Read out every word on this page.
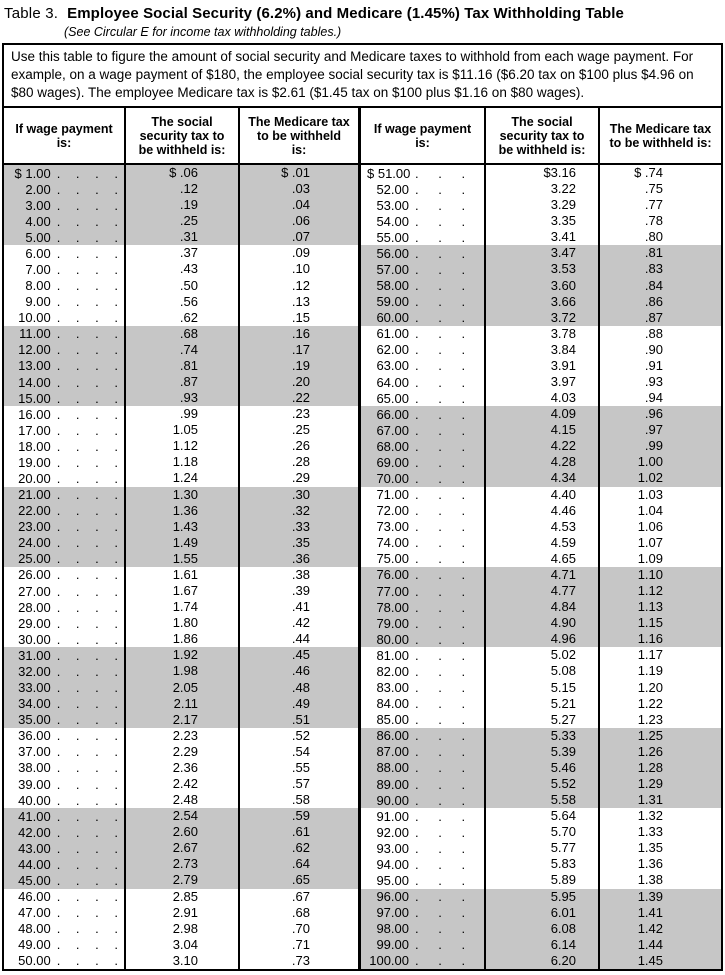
Table 3. Employee Social Security (6.2%) and Medicare (1.45%) Tax Withholding Table
(See Circular E for income tax withholding tables.)
Use this table to figure the amount of social security and Medicare taxes to withhold from each wage payment. For example, on a wage payment of $180, the employee social security tax is $11.16 ($6.20 tax on $100 plus $4.96 on $80 wages). The employee Medicare tax is $2.61 ($1.45 tax on $100 plus $1.16 on $80 wages).
If wage payment is:
The social security tax to be withheld is:
The Medicare tax to be withheld is:
If wage payment is:
The social security tax to be withheld is:
The Medicare tax to be withheld is:
$ 1.00 . . . .	$ .06	$ .01	$ 51.00 . . .	$3.16	$ .74
2.00 . . . .	.12	.03	52.00 . . .	3.22	.75
3.00 . . . .	.19	.04	53.00 . . .	3.29	.77
4.00 . . . .	.25	.06	54.00 . . .	3.35	.78
5.00 . . . .	.31	.07	55.00 . . .	3.41	.80
6.00 . . . .	.37	.09	56.00 . . .	3.47	.81
7.00 . . . .	.43	.10	57.00 . . .	3.53	.83
8.00 . . . .	.50	.12	58.00 . . .	3.60	.84
9.00 . . . .	.56	.13	59.00 . . .	3.66	.86
10.00 . . . .	.62	.15	60.00 . . .	3.72	.87
11.00 . . . .	.68	.16	61.00 . . .	3.78	.88
12.00 . . . .	.74	.17	62.00 . . .	3.84	.90
13.00 . . . .	.81	.19	63.00 . . .	3.91	.91
14.00 . . . .	.87	.20	64.00 . . .	3.97	.93
15.00 . . . .	.93	.22	65.00 . . .	4.03	.94
16.00 . . . .	.99	.23	66.00 . . .	4.09	.96
17.00 . . . .	1.05	.25	67.00 . . .	4.15	.97
18.00 . . . .	1.12	.26	68.00 . . .	4.22	.99
19.00 . . . .	1.18	.28	69.00 . . .	4.28	1.00
20.00 . . . .	1.24	.29	70.00 . . .	4.34	1.02
21.00 . . . .	1.30	.30	71.00 . . .	4.40	1.03
22.00 . . . .	1.36	.32	72.00 . . .	4.46	1.04
23.00 . . . .	1.43	.33	73.00 . . .	4.53	1.06
24.00 . . . .	1.49	.35	74.00 . . .	4.59	1.07
25.00 . . . .	1.55	.36	75.00 . . .	4.65	1.09
26.00 . . . .	1.61	.38	76.00 . . .	4.71	1.10
27.00 . . . .	1.67	.39	77.00 . . .	4.77	1.12
28.00 . . . .	1.74	.41	78.00 . . .	4.84	1.13
29.00 . . . .	1.80	.42	79.00 . . .	4.90	1.15
30.00 . . . .	1.86	.44	80.00 . . .	4.96	1.16
31.00 . . . .	1.92	.45	81.00 . . .	5.02	1.17
32.00 . . . .	1.98	.46	82.00 . . .	5.08	1.19
33.00 . . . .	2.05	.48	83.00 . . .	5.15	1.20
34.00 . . . .	2.11	.49	84.00 . . .	5.21	1.22
35.00 . . . .	2.17	.51	85.00 . . .	5.27	1.23
36.00 . . . .	2.23	.52	86.00 . . .	5.33	1.25
37.00 . . . .	2.29	.54	87.00 . . .	5.39	1.26
38.00 . . . .	2.36	.55	88.00 . . .	5.46	1.28
39.00 . . . .	2.42	.57	89.00 . . .	5.52	1.29
40.00 . . . .	2.48	.58	90.00 . . .	5.58	1.31
41.00 . . . .	2.54	.59	91.00 . . .	5.64	1.32
42.00 . . . .	2.60	.61	92.00 . . .	5.70	1.33
43.00 . . . .	2.67	.62	93.00 . . .	5.77	1.35
44.00 . . . .	2.73	.64	94.00 . . .	5.83	1.36
45.00 . . . .	2.79	.65	95.00 . . .	5.89	1.38
46.00 . . . .	2.85	.67	96.00 . . .	5.95	1.39
47.00 . . . .	2.91	.68	97.00 . . .	6.01	1.41
48.00 . . . .	2.98	.70	98.00 . . .	6.08	1.42
49.00 . . . .	3.04	.71	99.00 . . .	6.14	1.44
50.00 . . . .	3.10	.73	100.00 . . .	6.20	1.45
